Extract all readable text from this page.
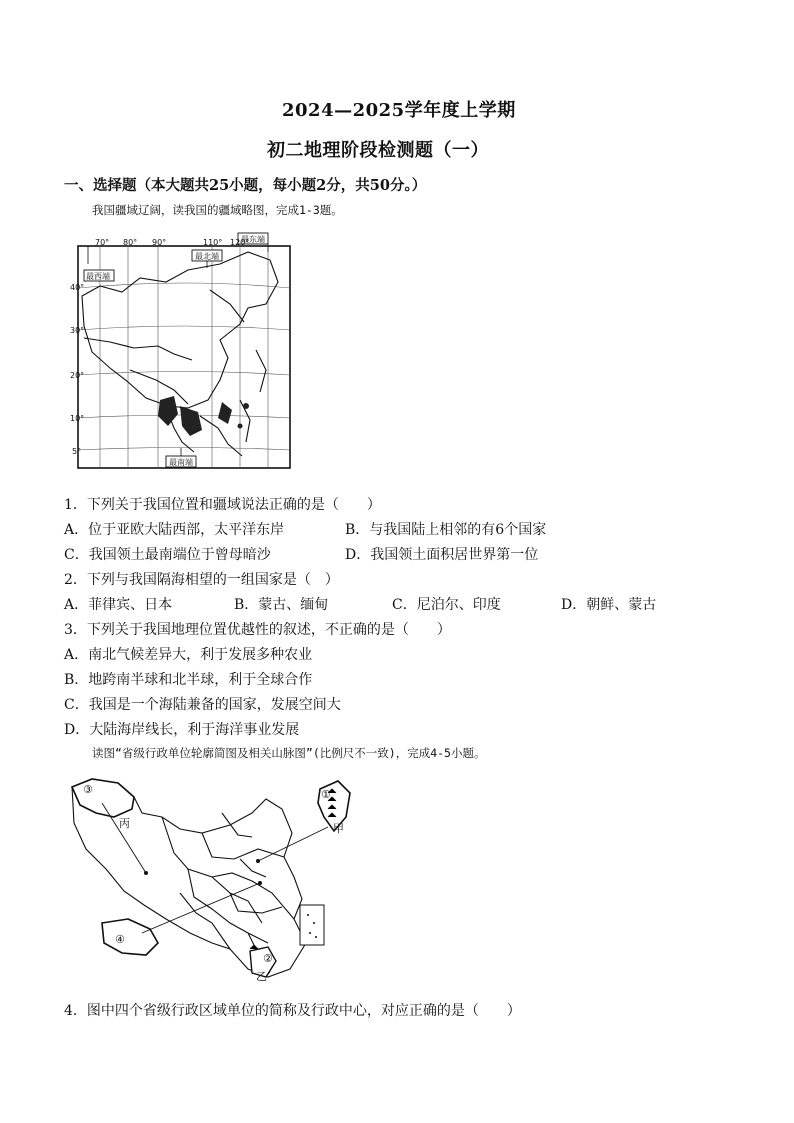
2024—2025学年度上学期
初二地理阶段检测题（一）
一、选择题（本大题共25小题，每小题2分，共50分。）
我国疆域辽阔，读我国的疆域略图，完成1-3题。
最西端
最北端
最东端
最南端
70° 80° 90°	110° 120°
40°
30°
20°
10°
5°
1．下列关于我国位置和疆域说法正确的是（　　）
A．位于亚欧大陆西部，太平洋东岸	B．与我国陆上相邻的有6个国家
C．我国领土最南端位于曾母暗沙	D．我国领土面积居世界第一位
2．下列与我国隔海相望的一组国家是（　）
A．菲律宾、日本	B．蒙古、缅甸	C．尼泊尔、印度	D．朝鲜、蒙古
3．下列关于我国地理位置优越性的叙述，不正确的是（　　）
A．南北气候差异大，利于发展多种农业
B．地跨南半球和北半球，利于全球合作
C．我国是一个海陆兼备的国家，发展空间大
D．大陆海岸线长，利于海洋事业发展
读图“省级行政单位轮廓简图及相关山脉图”(比例尺不一致)，完成4-5小题。
③
丙
④
①
甲
乙
②
4．图中四个省级行政区域单位的简称及行政中心，对应正确的是（　　）
